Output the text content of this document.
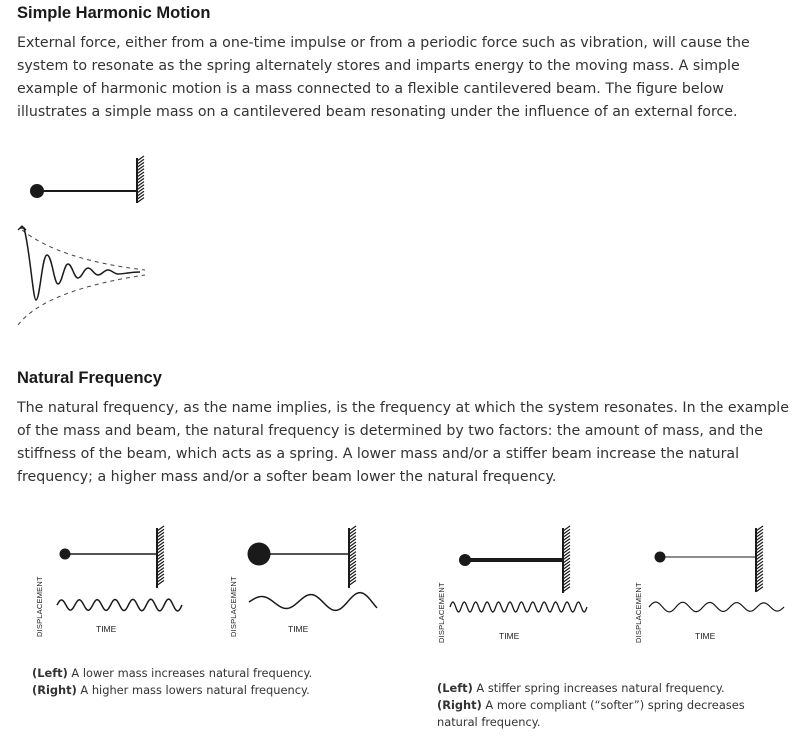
Simple Harmonic Motion

External force, either from a one-time impulse or from a periodic force such as vibration, will cause the system to resonate as the spring alternately stores and imparts energy to the moving mass. A simple example of harmonic motion is a mass connected to a flexible cantilevered beam. The figure below illustrates a simple mass on a cantilevered beam resonating under the influence of an external force.

Natural Frequency

The natural frequency, as the name implies, is the frequency at which the system resonates. In the example of the mass and beam, the natural frequency is determined by two factors: the amount of mass, and the stiffness of the beam, which acts as a spring. A lower mass and/or a stiffer beam increase the natural frequency; a higher mass and/or a softer beam lower the natural frequency.

DISPLACEMENT	TIME	DISPLACEMENT	TIME	DISPLACEMENT	TIME	DISPLACEMENT	TIME
(Left) A lower mass increases natural frequency.
(Right) A higher mass lowers natural frequency.	(Left) A stiffer spring increases natural frequency.
(Right) A more compliant (“softer”) spring decreases natural frequency.
